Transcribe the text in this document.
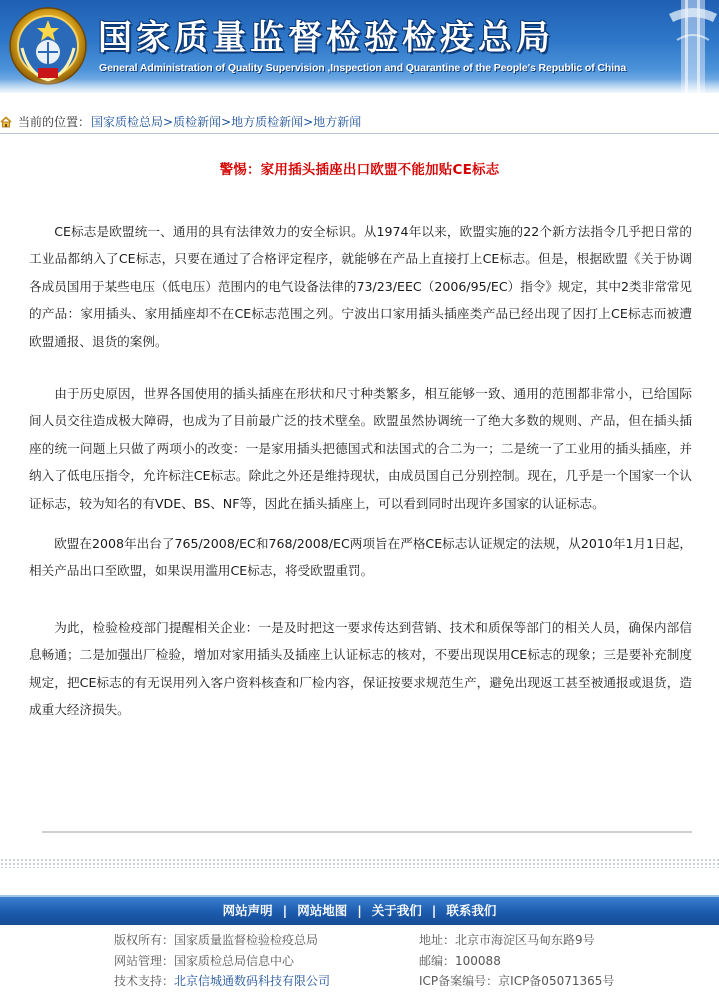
国家质量监督检验检疫总局
General Administration of Quality Supervision ,Inspection and Quarantine of the People's Republic of China
当前的位置： 国家质检总局>质检新闻>地方质检新闻>地方新闻
警惕：家用插头插座出口欧盟不能加贴CE标志

CE标志是欧盟统一、通用的具有法律效力的安全标识。从1974年以来，欧盟实施的22个新方法指令几乎把日常的工业品都纳入了CE标志，只要在通过了合格评定程序，就能够在产品上直接打上CE标志。但是，根据欧盟《关于协调各成员国用于某些电压（低电压）范围内的电气设备法律的73/23/EEC（2006/95/EC）指令》规定，其中2类非常常见的产品：家用插头、家用插座却不在CE标志范围之列。宁波出口家用插头插座类产品已经出现了因打上CE标志而被遭欧盟通报、退货的案例。

由于历史原因，世界各国使用的插头插座在形状和尺寸种类繁多，相互能够一致、通用的范围都非常小，已给国际间人员交往造成极大障碍，也成为了目前最广泛的技术壁垒。欧盟虽然协调统一了绝大多数的规则、产品，但在插头插座的统一问题上只做了两项小的改变：一是家用插头把德国式和法国式的合二为一；二是统一了工业用的插头插座，并纳入了低电压指令，允许标注CE标志。除此之外还是维持现状，由成员国自己分别控制。现在，几乎是一个国家一个认证标志，较为知名的有VDE、BS、NF等，因此在插头插座上，可以看到同时出现许多国家的认证标志。

欧盟在2008年出台了765/2008/EC和768/2008/EC两项旨在严格CE标志认证规定的法规，从2010年1月1日起，相关产品出口至欧盟，如果误用滥用CE标志，将受欧盟重罚。

为此，检验检疫部门提醒相关企业：一是及时把这一要求传达到营销、技术和质保等部门的相关人员，确保内部信息畅通；二是加强出厂检验，增加对家用插头及插座上认证标志的核对，不要出现误用CE标志的现象；三是要补充制度规定，把CE标志的有无误用列入客户资料核查和厂检内容，保证按要求规范生产，避免出现返工甚至被通报或退货，造成重大经济损失。

网站声明 | 网站地图 | 关于我们 | 联系我们
版权所有：国家质量监督检验检疫总局	地址：北京市海淀区马甸东路9号
网站管理：国家质检总局信息中心	邮编：100088
技术支持：北京信城通数码科技有限公司	ICP备案编号：京ICP备05071365号
